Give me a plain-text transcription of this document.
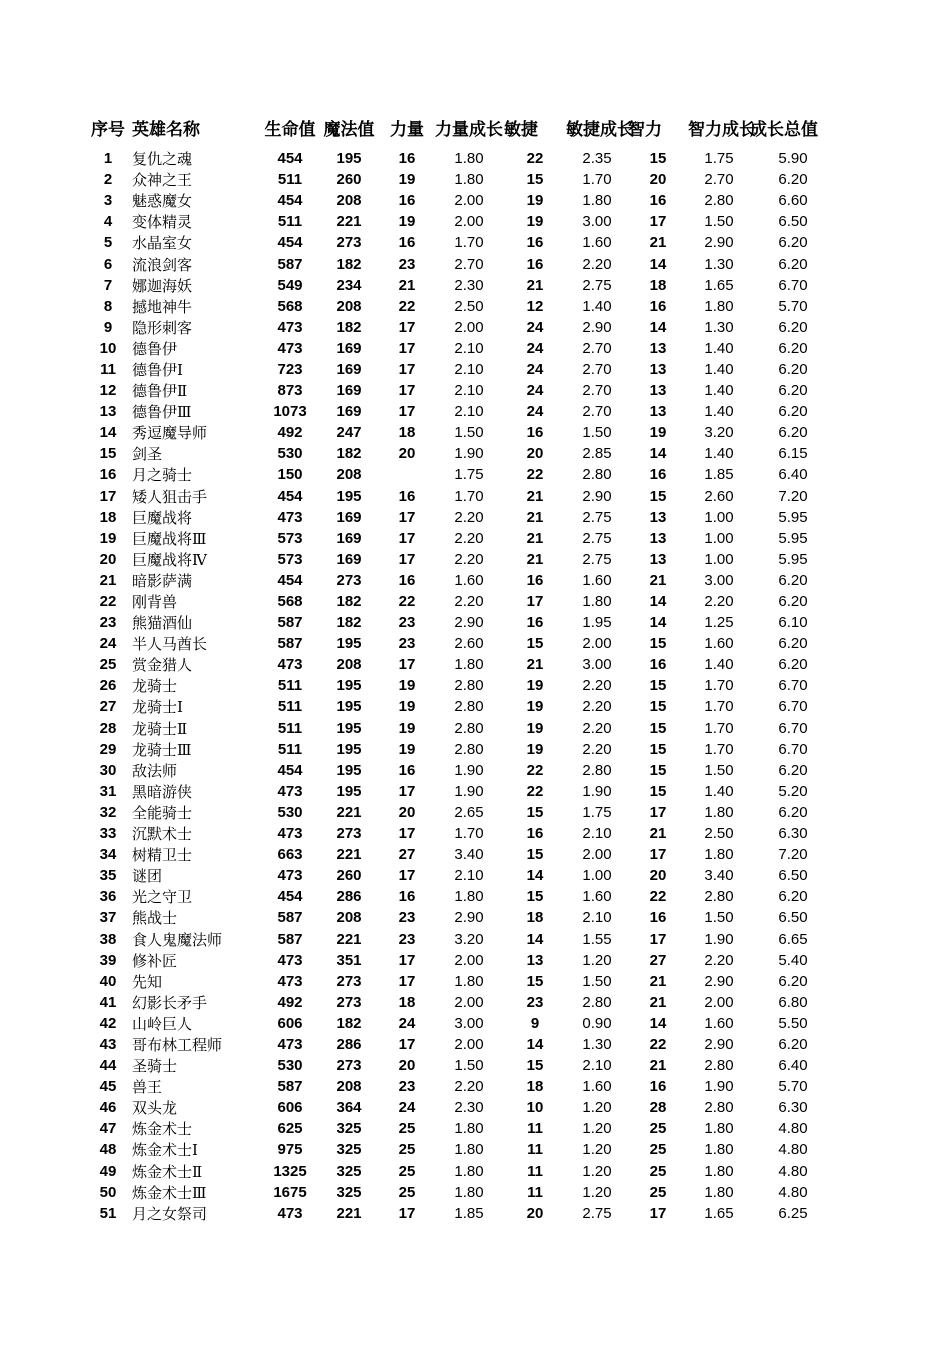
序号	英雄名称	生命值	魔法值	力量	力量成长	敏捷	敏捷成长	智力	智力成长	成长总值
1	复仇之魂	454	195	16	1.80	22	2.35	15	1.75	5.90
2	众神之王	511	260	19	1.80	15	1.70	20	2.70	6.20
3	魅惑魔女	454	208	16	2.00	19	1.80	16	2.80	6.60
4	变体精灵	511	221	19	2.00	19	3.00	17	1.50	6.50
5	水晶室女	454	273	16	1.70	16	1.60	21	2.90	6.20
6	流浪剑客	587	182	23	2.70	16	2.20	14	1.30	6.20
7	娜迦海妖	549	234	21	2.30	21	2.75	18	1.65	6.70
8	撼地神牛	568	208	22	2.50	12	1.40	16	1.80	5.70
9	隐形刺客	473	182	17	2.00	24	2.90	14	1.30	6.20
10	德鲁伊	473	169	17	2.10	24	2.70	13	1.40	6.20
11	德鲁伊Ⅰ	723	169	17	2.10	24	2.70	13	1.40	6.20
12	德鲁伊Ⅱ	873	169	17	2.10	24	2.70	13	1.40	6.20
13	德鲁伊Ⅲ	1073	169	17	2.10	24	2.70	13	1.40	6.20
14	秀逗魔导师	492	247	18	1.50	16	1.50	19	3.20	6.20
15	剑圣	530	182	20	1.90	20	2.85	14	1.40	6.15
16	月之骑士	150	208		1.75	22	2.80	16	1.85	6.40
17	矮人狙击手	454	195	16	1.70	21	2.90	15	2.60	7.20
18	巨魔战将	473	169	17	2.20	21	2.75	13	1.00	5.95
19	巨魔战将Ⅲ	573	169	17	2.20	21	2.75	13	1.00	5.95
20	巨魔战将Ⅳ	573	169	17	2.20	21	2.75	13	1.00	5.95
21	暗影萨满	454	273	16	1.60	16	1.60	21	3.00	6.20
22	刚背兽	568	182	22	2.20	17	1.80	14	2.20	6.20
23	熊猫酒仙	587	182	23	2.90	16	1.95	14	1.25	6.10
24	半人马酋长	587	195	23	2.60	15	2.00	15	1.60	6.20
25	赏金猎人	473	208	17	1.80	21	3.00	16	1.40	6.20
26	龙骑士	511	195	19	2.80	19	2.20	15	1.70	6.70
27	龙骑士Ⅰ	511	195	19	2.80	19	2.20	15	1.70	6.70
28	龙骑士Ⅱ	511	195	19	2.80	19	2.20	15	1.70	6.70
29	龙骑士Ⅲ	511	195	19	2.80	19	2.20	15	1.70	6.70
30	敌法师	454	195	16	1.90	22	2.80	15	1.50	6.20
31	黑暗游侠	473	195	17	1.90	22	1.90	15	1.40	5.20
32	全能骑士	530	221	20	2.65	15	1.75	17	1.80	6.20
33	沉默术士	473	273	17	1.70	16	2.10	21	2.50	6.30
34	树精卫士	663	221	27	3.40	15	2.00	17	1.80	7.20
35	谜团	473	260	17	2.10	14	1.00	20	3.40	6.50
36	光之守卫	454	286	16	1.80	15	1.60	22	2.80	6.20
37	熊战士	587	208	23	2.90	18	2.10	16	1.50	6.50
38	食人鬼魔法师	587	221	23	3.20	14	1.55	17	1.90	6.65
39	修补匠	473	351	17	2.00	13	1.20	27	2.20	5.40
40	先知	473	273	17	1.80	15	1.50	21	2.90	6.20
41	幻影长矛手	492	273	18	2.00	23	2.80	21	2.00	6.80
42	山岭巨人	606	182	24	3.00	9	0.90	14	1.60	5.50
43	哥布林工程师	473	286	17	2.00	14	1.30	22	2.90	6.20
44	圣骑士	530	273	20	1.50	15	2.10	21	2.80	6.40
45	兽王	587	208	23	2.20	18	1.60	16	1.90	5.70
46	双头龙	606	364	24	2.30	10	1.20	28	2.80	6.30
47	炼金术士	625	325	25	1.80	11	1.20	25	1.80	4.80
48	炼金术士Ⅰ	975	325	25	1.80	11	1.20	25	1.80	4.80
49	炼金术士Ⅱ	1325	325	25	1.80	11	1.20	25	1.80	4.80
50	炼金术士Ⅲ	1675	325	25	1.80	11	1.20	25	1.80	4.80
51	月之女祭司	473	221	17	1.85	20	2.75	17	1.65	6.25
